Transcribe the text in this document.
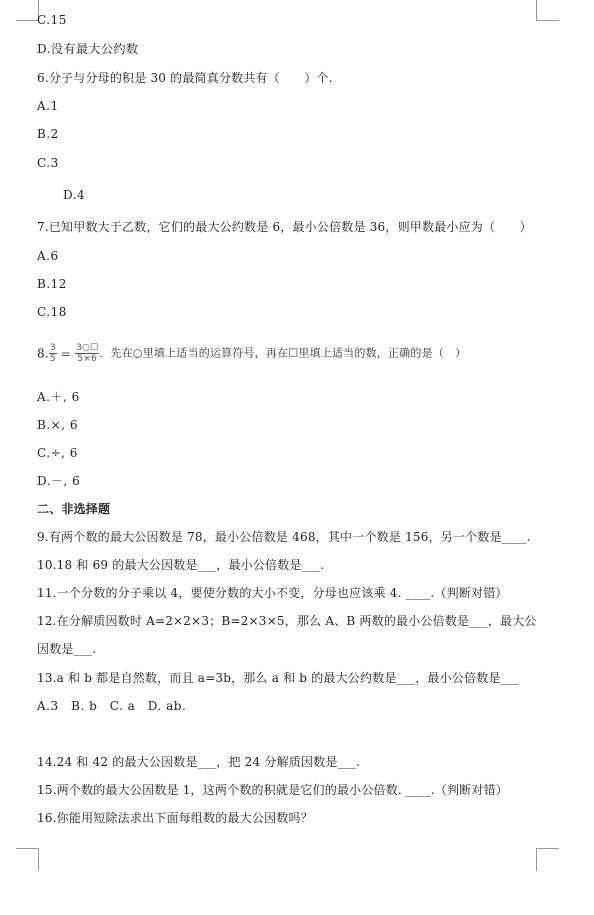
C.15
D.没有最大公约数
6.分子与分母的积是 30 的最简真分数共有（　　）个.
A.1
B.2
C.3
D.4
7.已知甲数大于乙数，它们的最大公约数是 6，最小公倍数是 36，则甲数最小应为（　　）
A.6
B.12
C.18
8. $\frac{3}{5} = \frac{3○☐}{5\times 6}$ ．先在○里填上适当的运算符号，再在☐里填上适当的数，正确的是（　）
A.＋, 6
B.×, 6
C.÷, 6
D.－, 6
二、非选择题
9.有两个数的最大公因数是 78，最小公倍数是 468，其中一个数是 156，另一个数是____.
10.18 和 69 的最大公因数是___，最小公倍数是___.
11.一个分数的分子乘以 4，要使分数的大小不变，分母也应该乘 4. ____.（判断对错）
12.在分解质因数时 A=2×2×3；B=2×3×5，那么 A、B 两数的最小公倍数是___，最大公
因数是___.
13.a 和 b 都是自然数，而且 a=3b，那么 a 和 b 的最大公约数是___，最小公倍数是___
A.3　B. b　C. a　D. ab.
14.24 和 42 的最大公因数是___，把 24 分解质因数是___.
15.两个数的最大公因数是 1，这两个数的积就是它们的最小公倍数. ____.（判断对错）
16.你能用短除法求出下面每组数的最大公因数吗？
